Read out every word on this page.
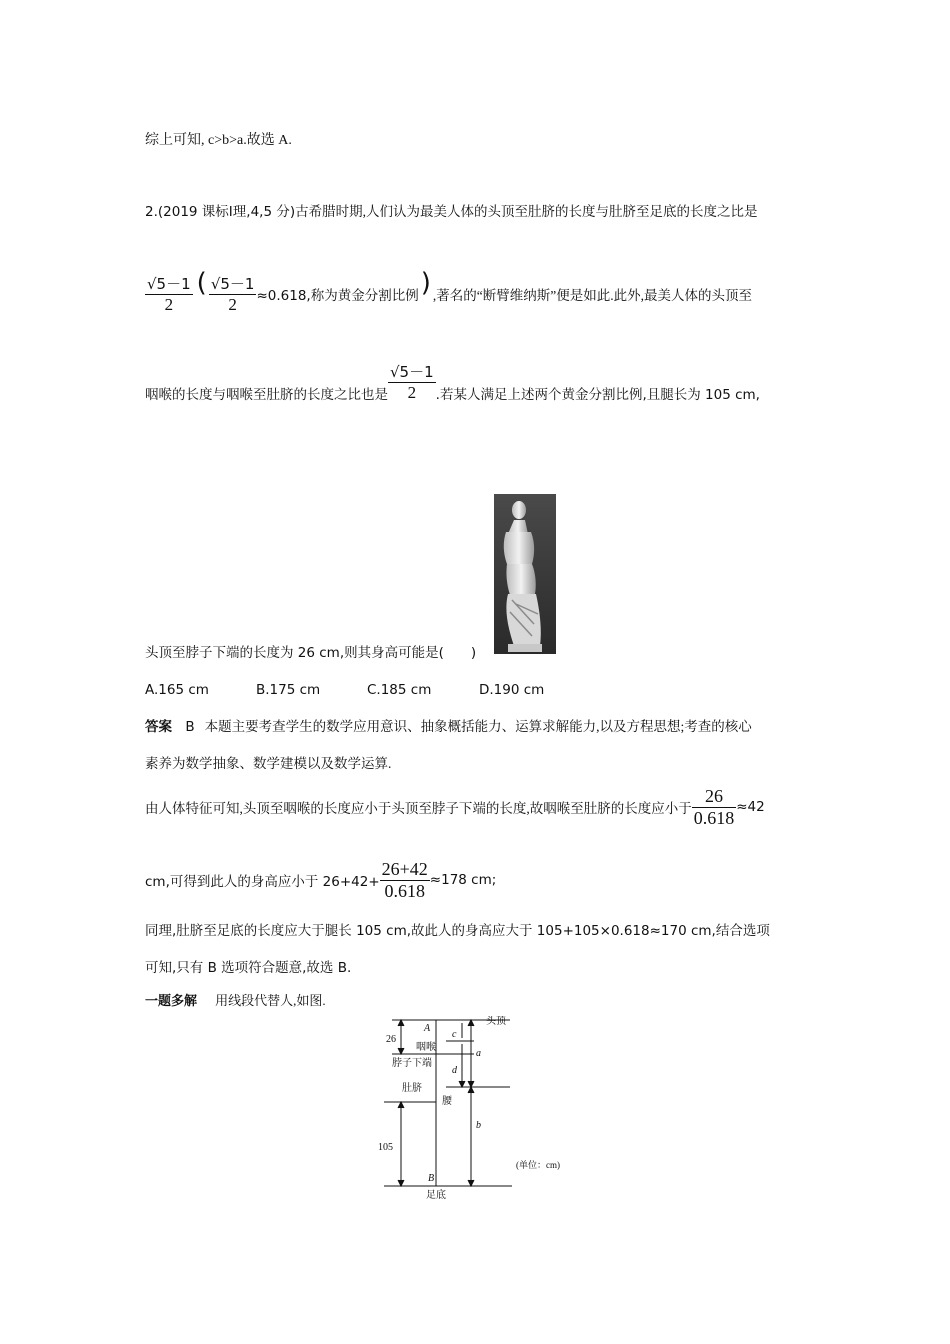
综上可知, c>b>a.故选 A.
2.(2019 课标Ⅰ理,4,5 分)古希腊时期,人们认为最美人体的头顶至肚脐的长度与肚脐至足底的长度之比是
$\frac{√5-1}{2}$ ( $\frac{√5-1}{2} \approx 0.618$,称为黄金分割比例 ) ,著名的“断臂维纳斯”便是如此.此外,最美人体的头顶至
咽喉的长度与咽喉至肚脐的长度之比也是 $\frac{√5-1}{2}$ .若某人满足上述两个黄金分割比例,且腿长为 105 cm,
头顶至脖子下端的长度为 26 cm,则其身高可能是(　　)
A.165 cm	B.175 cm	C.185 cm	D.190 cm
答案 B 本题主要考查学生的数学应用意识、抽象概括能力、运算求解能力,以及方程思想;考查的核心
素养为数学抽象、数学建模以及数学运算.
由人体特征可知,头顶至咽喉的长度应小于头顶至脖子下端的长度,故咽喉至肚脐的长度应小于 $\frac{26}{0.618} \approx 42$
cm,可得到此人的身高应小于 $26+42+ \frac{26+42}{0.618} \approx 178$ cm;
同理,肚脐至足底的长度应大于腿长 105 cm,故此人的身高应大于 105+105×0.618≈170 cm,结合选项
可知,只有 B 选项符合题意,故选 B.
一题多解 用线段代替人,如图.
26
105
A
B
c
d
a
b
咽喉
脖子下端
肚脐
腰
头顶
足底
(单位：cm)
